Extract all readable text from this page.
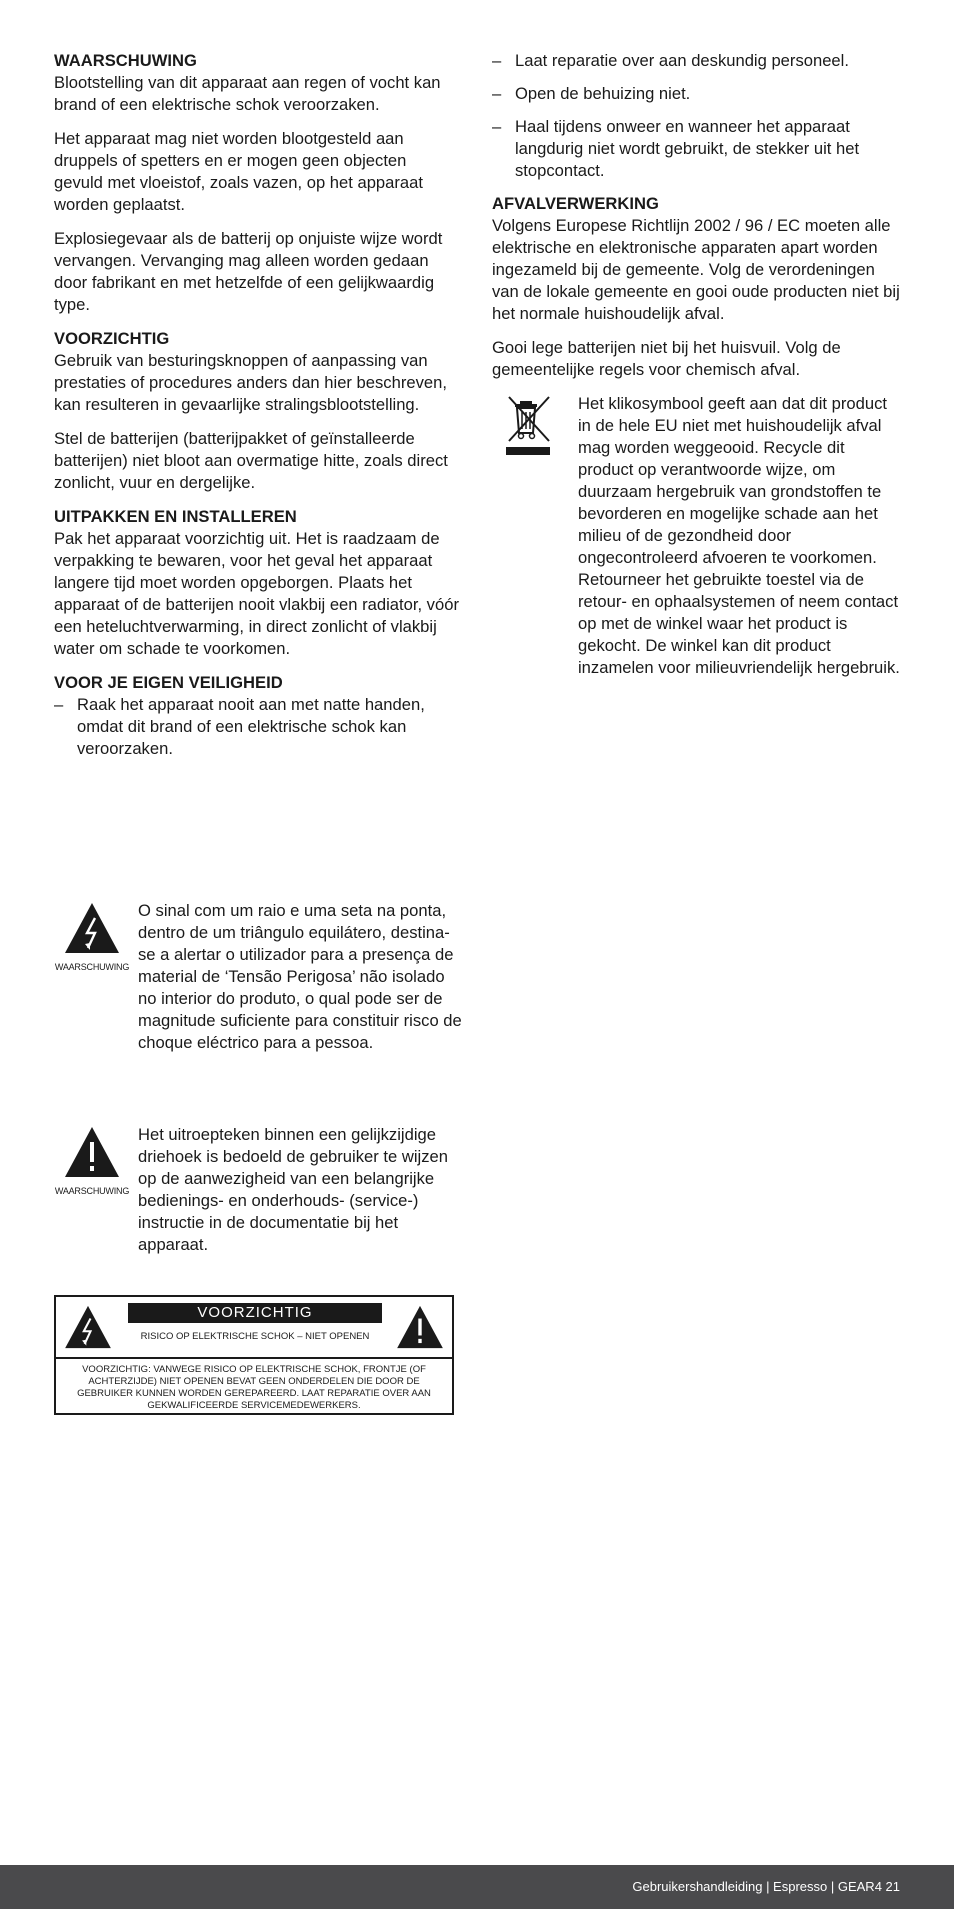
WAARSCHUWING

Blootstelling van dit apparaat aan regen of vocht kan brand of een elektrische schok veroorzaken.

Het apparaat mag niet worden blootgesteld aan druppels of spetters en er mogen geen objecten gevuld met vloeistof, zoals vazen, op het apparaat worden geplaatst.

Explosiegevaar als de batterij op onjuiste wijze wordt vervangen. Vervanging mag alleen worden gedaan door fabrikant en met hetzelfde of een gelijkwaardig type.

VOORZICHTIG

Gebruik van besturingsknoppen of aanpassing van prestaties of procedures anders dan hier beschreven, kan resulteren in gevaarlijke stralingsblootstelling.

Stel de batterijen (batterijpakket of geïnstalleerde batterijen) niet bloot aan overmatige hitte, zoals direct zonlicht, vuur en dergelijke.

UITPAKKEN EN INSTALLEREN

Pak het apparaat voorzichtig uit. Het is raadzaam de verpakking te bewaren, voor het geval het apparaat langere tijd moet worden opgeborgen. Plaats het apparaat of de batterijen nooit vlakbij een radiator, vóór een heteluchtverwarming, in direct zonlicht of vlakbij water om schade te voorkomen.

VOOR JE EIGEN VEILIGHEID
– Raak het apparaat nooit aan met natte handen, omdat dit brand of een elektrische schok kan veroorzaken.
WAARSCHUWING
O sinal com um raio e uma seta na ponta, dentro de um triângulo equilátero, destina-se a alertar o utilizador para a presença de material de ‘Tensão Perigosa’ não isolado no interior do produto, o qual pode ser de magnitude suficiente para constituir risco de choque eléctrico para a pessoa.
WAARSCHUWING
Het uitroepteken binnen een gelijkzijdige driehoek is bedoeld de gebruiker te wijzen op de aanwezigheid van een belangrijke bedienings- en onderhouds- (service-) instructie in de documentatie bij het apparaat.
VOORZICHTIG
RISICO OP ELEKTRISCHE SCHOK – NIET OPENEN
VOORZICHTIG: VANWEGE RISICO OP ELEKTRISCHE SCHOK, FRONTJE (OF ACHTERZIJDE) NIET OPENEN BEVAT GEEN ONDERDELEN DIE DOOR DE GEBRUIKER KUNNEN WORDEN GEREPAREERD. LAAT REPARATIE OVER AAN GEKWALIFICEERDE SERVICEMEDEWERKERS.
– Laat reparatie over aan deskundig personeel.
– Open de behuizing niet.
– Haal tijdens onweer en wanneer het apparaat langdurig niet wordt gebruikt, de stekker uit het stopcontact.
AFVALVERWERKING

Volgens Europese Richtlijn 2002 / 96 / EC moeten alle elektrische en elektronische apparaten apart worden ingezameld bij de gemeente. Volg de verordeningen van de lokale gemeente en gooi oude producten niet bij het normale huishoudelijk afval.

Gooi lege batterijen niet bij het huisvuil. Volg de gemeentelijke regels voor chemisch afval.

Het klikosymbool geeft aan dat dit product in de hele EU niet met huishoudelijk afval mag worden weggeooid. Recycle dit product op verantwoorde wijze, om duurzaam hergebruik van grondstoffen te bevorderen en mogelijke schade aan het milieu of de gezondheid door ongecontroleerd afvoeren te voorkomen. Retourneer het gebruikte toestel via de retour- en ophaalsystemen of neem contact op met de winkel waar het product is gekocht. De winkel kan dit product inzamelen voor milieuvriendelijk hergebruik.
Gebruikershandleiding | Espresso | GEAR4 21
